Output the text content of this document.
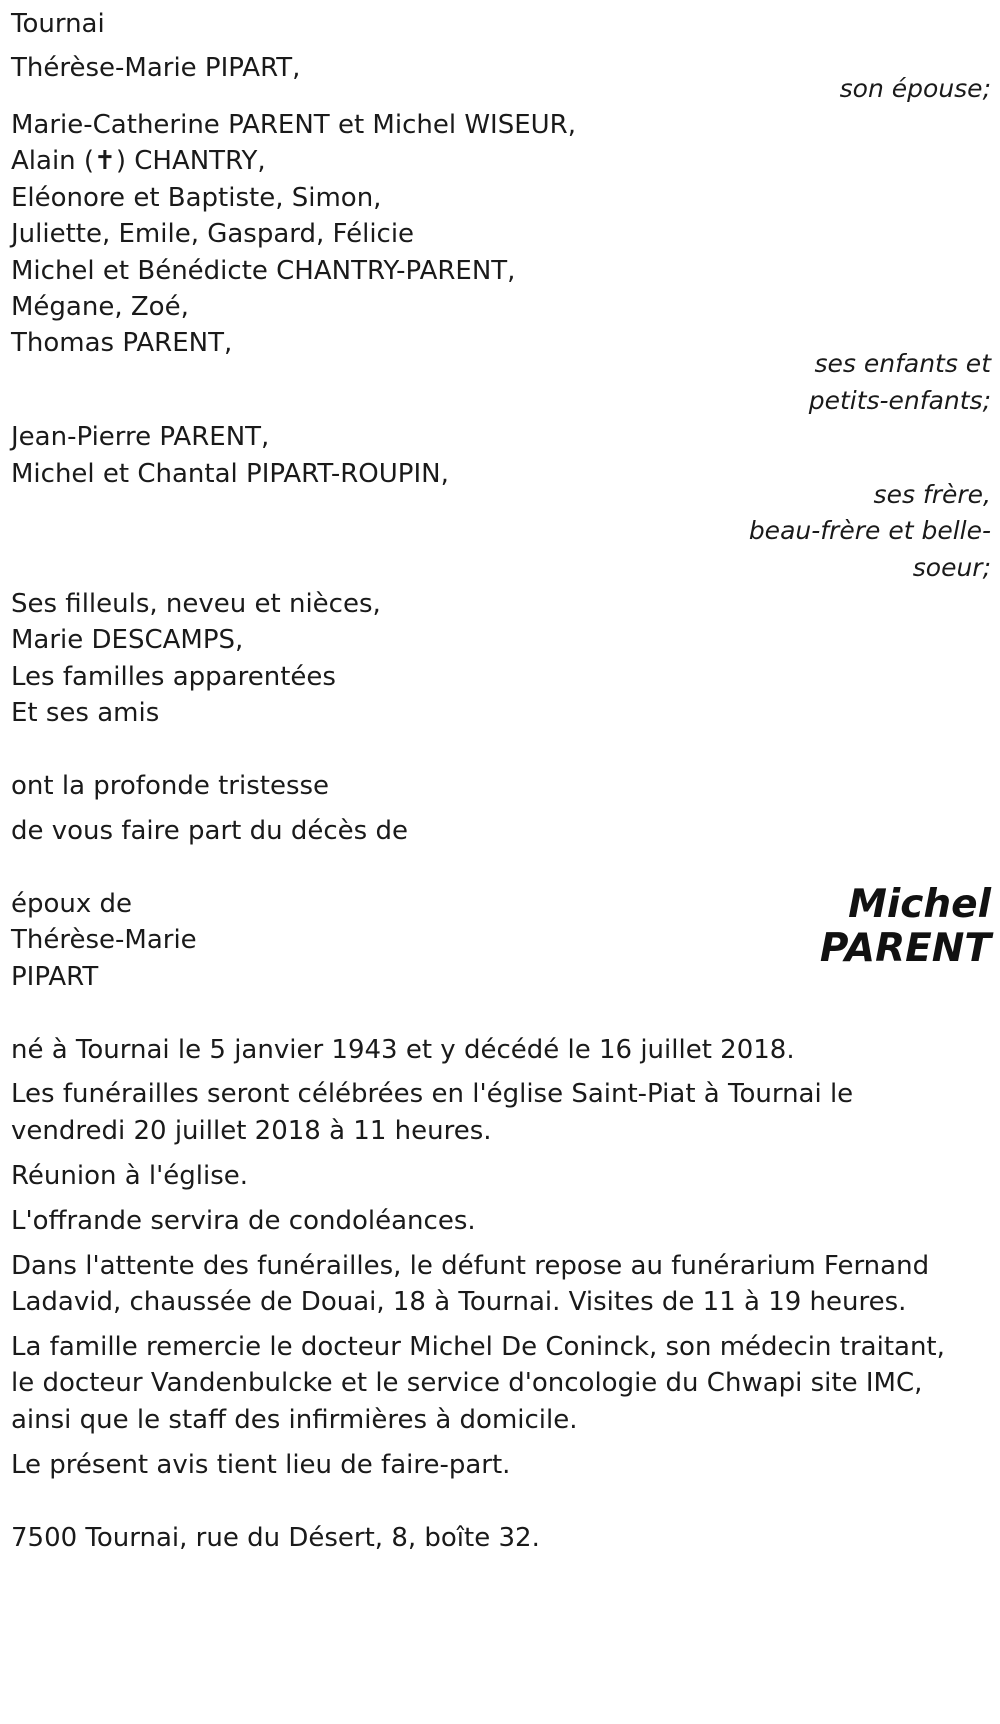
Tournai
Thérèse-Marie PIPART,
son épouse;
Marie-Catherine PARENT et Michel WISEUR,
Alain (✝) CHANTRY,
Eléonore et Baptiste, Simon,
Juliette, Emile, Gaspard, Félicie
Michel et Bénédicte CHANTRY-PARENT,
Mégane, Zoé,
Thomas PARENT,
ses enfants et
petits-enfants;
Jean-Pierre PARENT,
Michel et Chantal PIPART-ROUPIN,
ses frère,
beau-frère et belle-
soeur;
Ses filleuls, neveu et nièces,
Marie DESCAMPS,
Les familles apparentées
Et ses amis
ont la profonde tristesse
de vous faire part du décès de
époux de
Thérèse-Marie
PIPART
Michel
PARENT
né à Tournai le 5 janvier 1943 et y décédé le 16 juillet 2018.
Les funérailles seront célébrées en l'église Saint-Piat à Tournai le
vendredi 20 juillet 2018 à 11 heures.
Réunion à l'église.
L'offrande servira de condoléances.
Dans l'attente des funérailles, le défunt repose au funérarium Fernand
Ladavid, chaussée de Douai, 18 à Tournai. Visites de 11 à 19 heures.
La famille remercie le docteur Michel De Coninck, son médecin traitant,
le docteur Vandenbulcke et le service d'oncologie du Chwapi site IMC,
ainsi que le staff des infirmières à domicile.
Le présent avis tient lieu de faire-part.
7500 Tournai, rue du Désert, 8, boîte 32.
